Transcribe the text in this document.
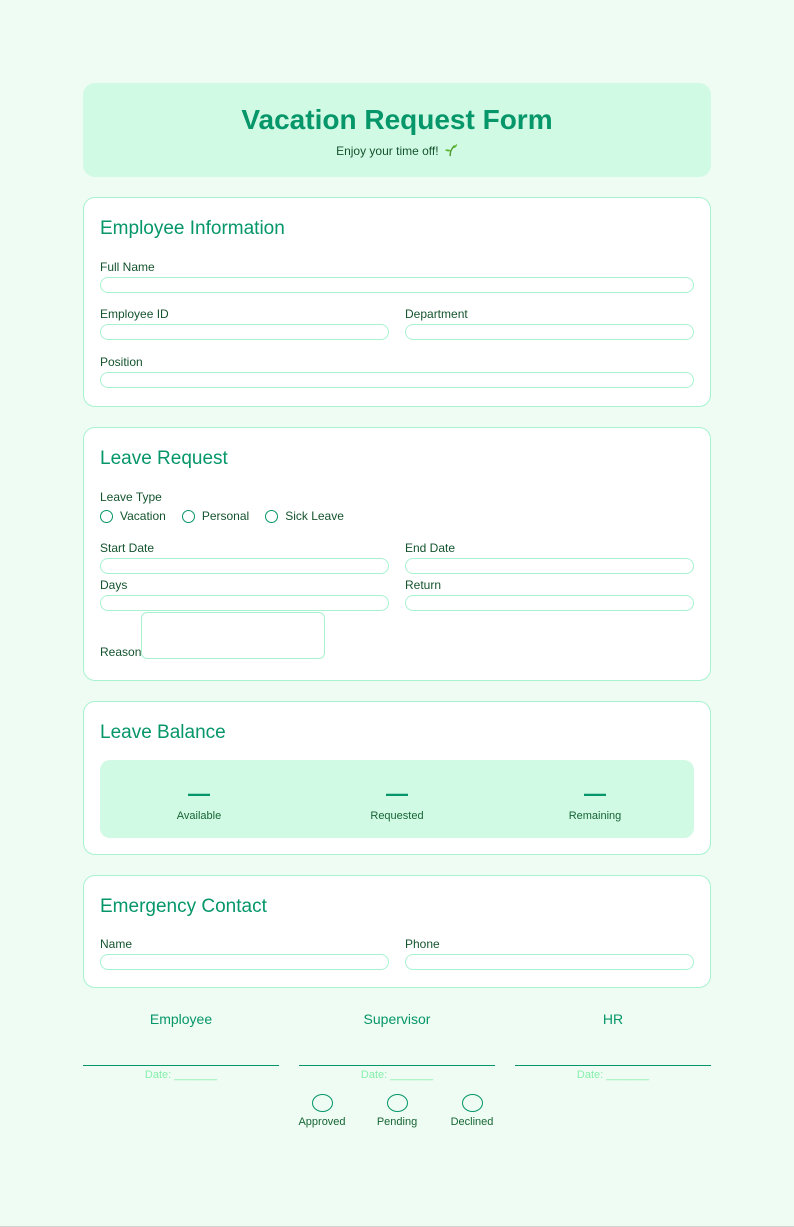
Vacation Request Form
Enjoy your time off!
Employee Information
Full Name
Employee ID	Department
Position
Leave Request
Leave Type
Vacation	Personal	Sick Leave
Start Date	End Date
Days	Return
Reason
Leave Balance
—
Available
—
Requested
—
Remaining
Emergency Contact
Name	Phone
Employee
Date: _______
Supervisor
Date: _______
HR
Date: _______
Approved	Pending	Declined
